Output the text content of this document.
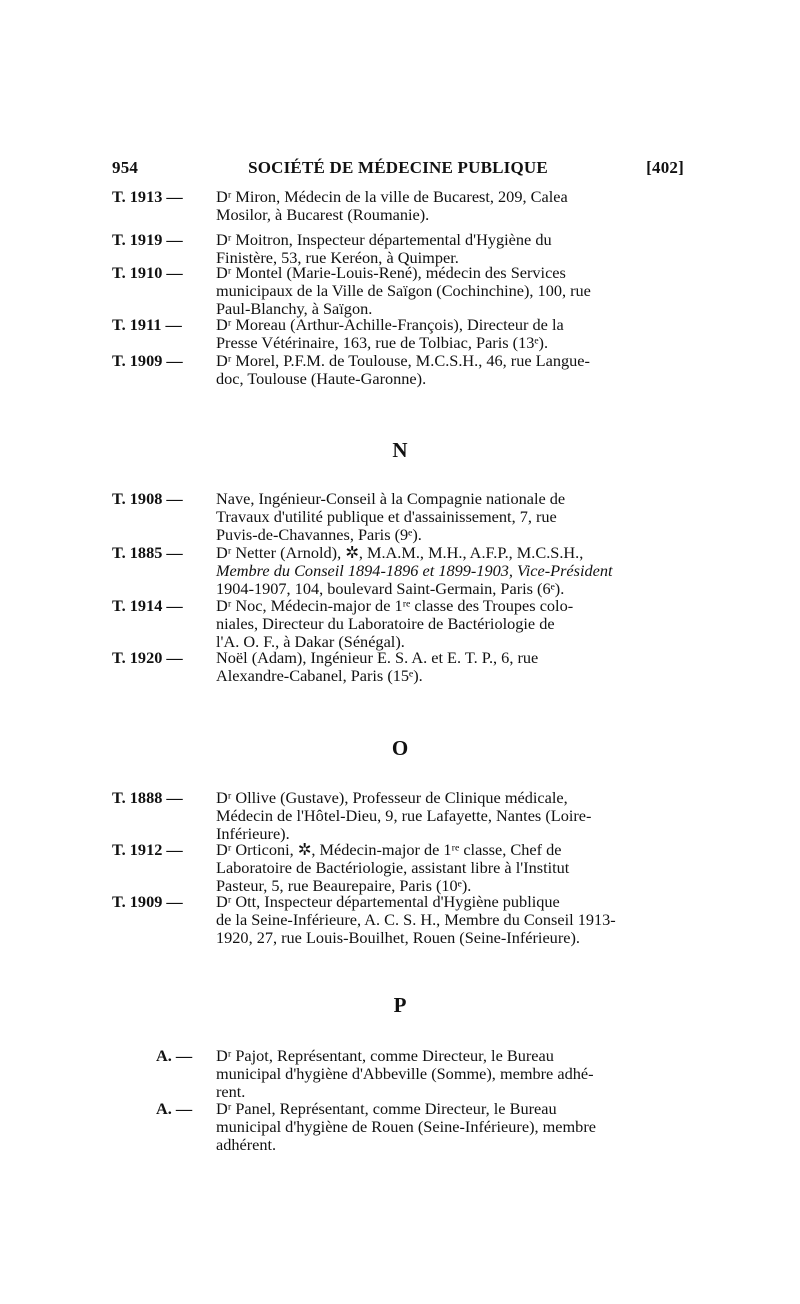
954	SOCIÉTÉ DE MÉDECINE PUBLIQUE	[402]
T. 1913 —	Dʳ Miron, Médecin de la ville de Bucarest, 209, Calea
Mosilor, à Bucarest (Roumanie).
T. 1919 —	Dʳ Moitron, Inspecteur départemental d'Hygiène du
Finistère, 53, rue Keréon, à Quimper.
T. 1910 —	Dʳ Montel (Marie-Louis-René), médecin des Services
municipaux de la Ville de Saïgon (Cochinchine), 100, rue
Paul-Blanchy, à Saïgon.
T. 1911 —	Dʳ Moreau (Arthur-Achille-François), Directeur de la
Presse Vétérinaire, 163, rue de Tolbiac, Paris (13ᵉ).
T. 1909 —	Dʳ Morel, P.F.M. de Toulouse, M.C.S.H., 46, rue Langue-
doc, Toulouse (Haute-Garonne).
N
T. 1908 —	Nave, Ingénieur-Conseil à la Compagnie nationale de
Travaux d'utilité publique et d'assainissement, 7, rue
Puvis-de-Chavannes, Paris (9ᵉ).
T. 1885 —	Dʳ Netter (Arnold), ✲, M.A.M., M.H., A.F.P., M.C.S.H.,
Membre du Conseil 1894-1896 et 1899-1903, Vice-Président
1904-1907, 104, boulevard Saint-Germain, Paris (6ᵉ).
T. 1914 —	Dʳ Noc, Médecin-major de 1ʳᵉ classe des Troupes colo-
niales, Directeur du Laboratoire de Bactériologie de
l'A. O. F., à Dakar (Sénégal).
T. 1920 —	Noël (Adam), Ingénieur E. S. A. et E. T. P., 6, rue
Alexandre-Cabanel, Paris (15ᵉ).
O
T. 1888 —	Dʳ Ollive (Gustave), Professeur de Clinique médicale,
Médecin de l'Hôtel-Dieu, 9, rue Lafayette, Nantes (Loire-
Inférieure).
T. 1912 —	Dʳ Orticoni, ✲, Médecin-major de 1ʳᵉ classe, Chef de
Laboratoire de Bactériologie, assistant libre à l'Institut
Pasteur, 5, rue Beaurepaire, Paris (10ᵉ).
T. 1909 —	Dʳ Ott, Inspecteur départemental d'Hygiène publique
de la Seine-Inférieure, A. C. S. H., Membre du Conseil 1913-
1920, 27, rue Louis-Bouilhet, Rouen (Seine-Inférieure).
P
A. —	Dʳ Pajot, Représentant, comme Directeur, le Bureau
municipal d'hygiène d'Abbeville (Somme), membre adhé-
rent.
A. —	Dʳ Panel, Représentant, comme Directeur, le Bureau
municipal d'hygiène de Rouen (Seine-Inférieure), membre
adhérent.
